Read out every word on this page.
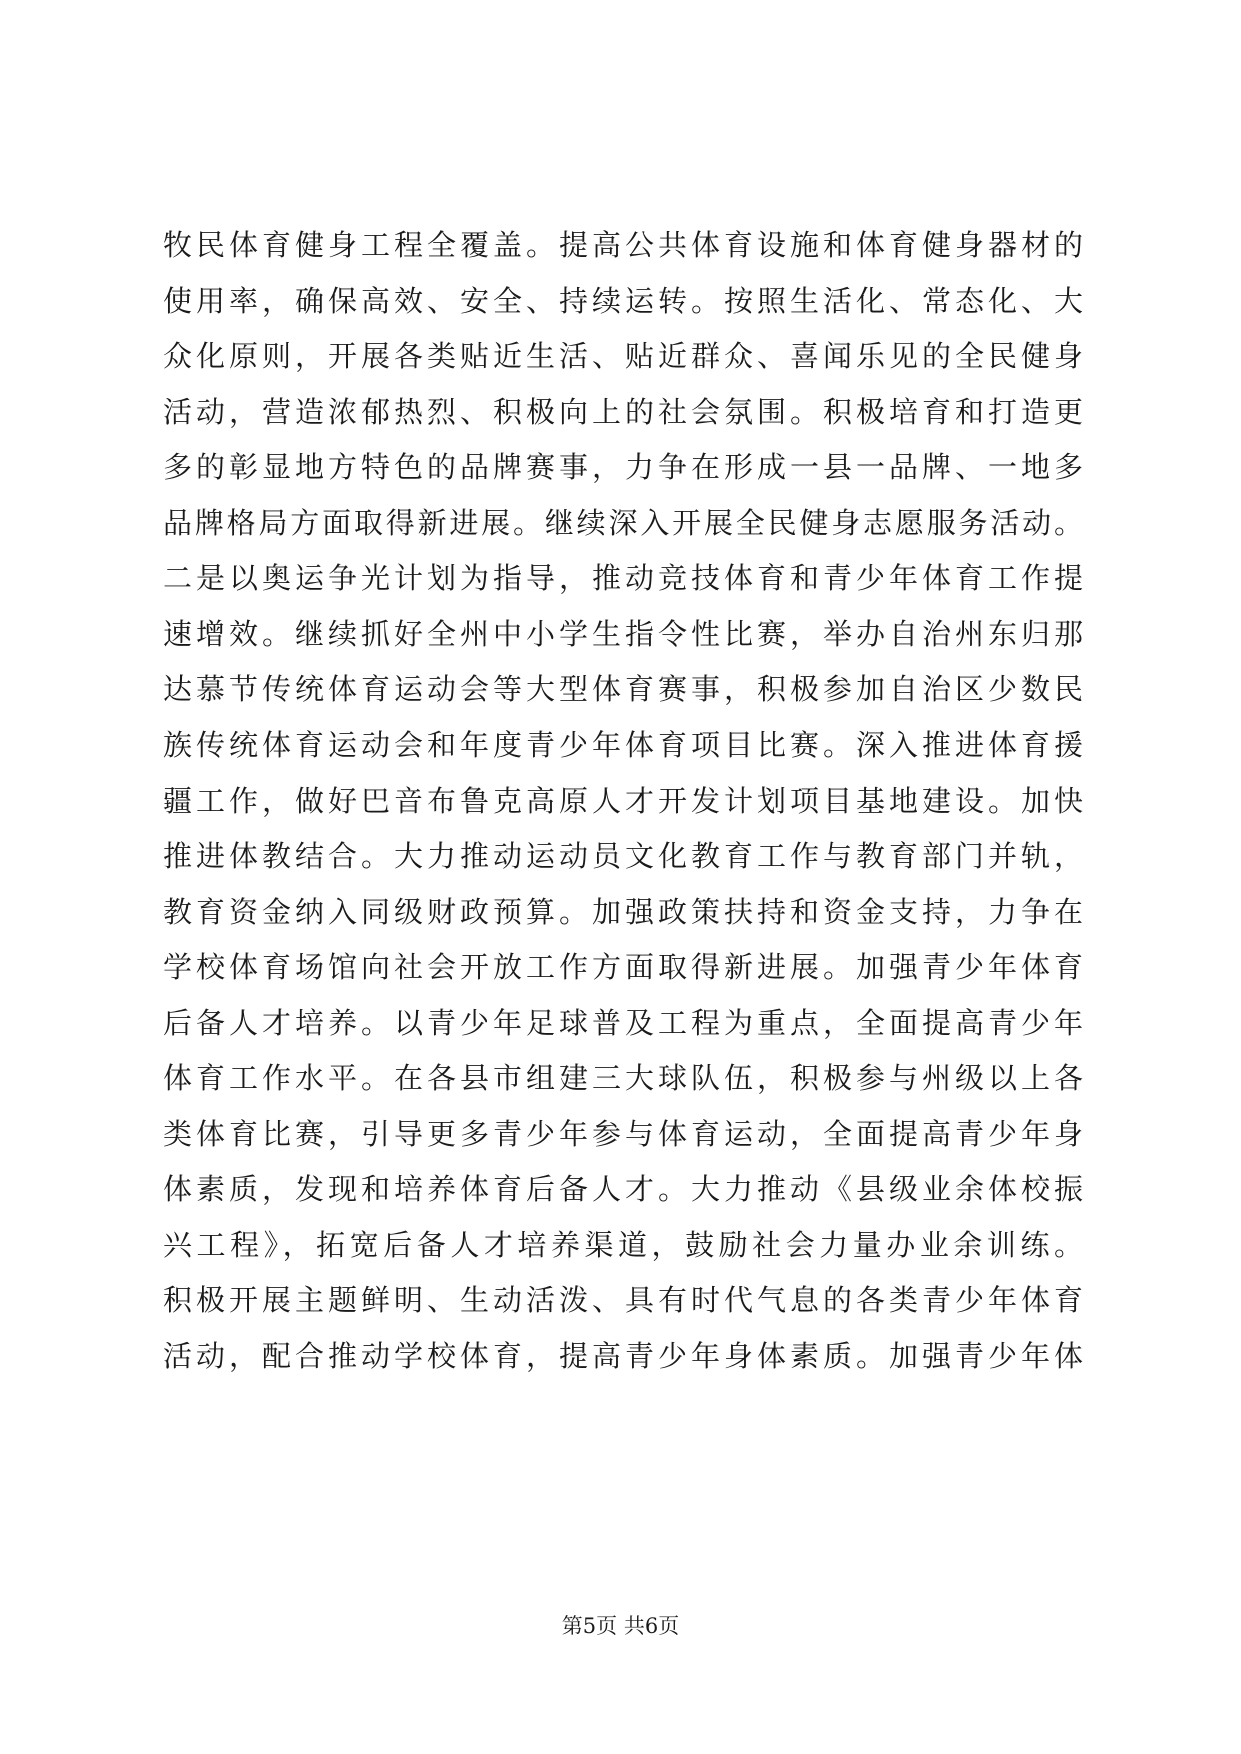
牧民体育健身工程全覆盖。提高公共体育设施和体育健身器材的
使用率，确保高效、安全、持续运转。按照生活化、常态化、大
众化原则，开展各类贴近生活、贴近群众、喜闻乐见的全民健身
活动，营造浓郁热烈、积极向上的社会氛围。积极培育和打造更
多的彰显地方特色的品牌赛事，力争在形成一县一品牌、一地多
品牌格局方面取得新进展。继续深入开展全民健身志愿服务活动。
二是以奥运争光计划为指导，推动竞技体育和青少年体育工作提
速增效。继续抓好全州中小学生指令性比赛，举办自治州东归那
达慕节传统体育运动会等大型体育赛事，积极参加自治区少数民
族传统体育运动会和年度青少年体育项目比赛。深入推进体育援
疆工作，做好巴音布鲁克高原人才开发计划项目基地建设。加快
推进体教结合。大力推动运动员文化教育工作与教育部门并轨，
教育资金纳入同级财政预算。加强政策扶持和资金支持，力争在
学校体育场馆向社会开放工作方面取得新进展。加强青少年体育
后备人才培养。以青少年足球普及工程为重点，全面提高青少年
体育工作水平。在各县市组建三大球队伍，积极参与州级以上各
类体育比赛，引导更多青少年参与体育运动，全面提高青少年身
体素质，发现和培养体育后备人才。大力推动《县级业余体校振
兴工程》，拓宽后备人才培养渠道，鼓励社会力量办业余训练。
积极开展主题鲜明、生动活泼、具有时代气息的各类青少年体育
活动，配合推动学校体育，提高青少年身体素质。加强青少年体
第5页 共6页
